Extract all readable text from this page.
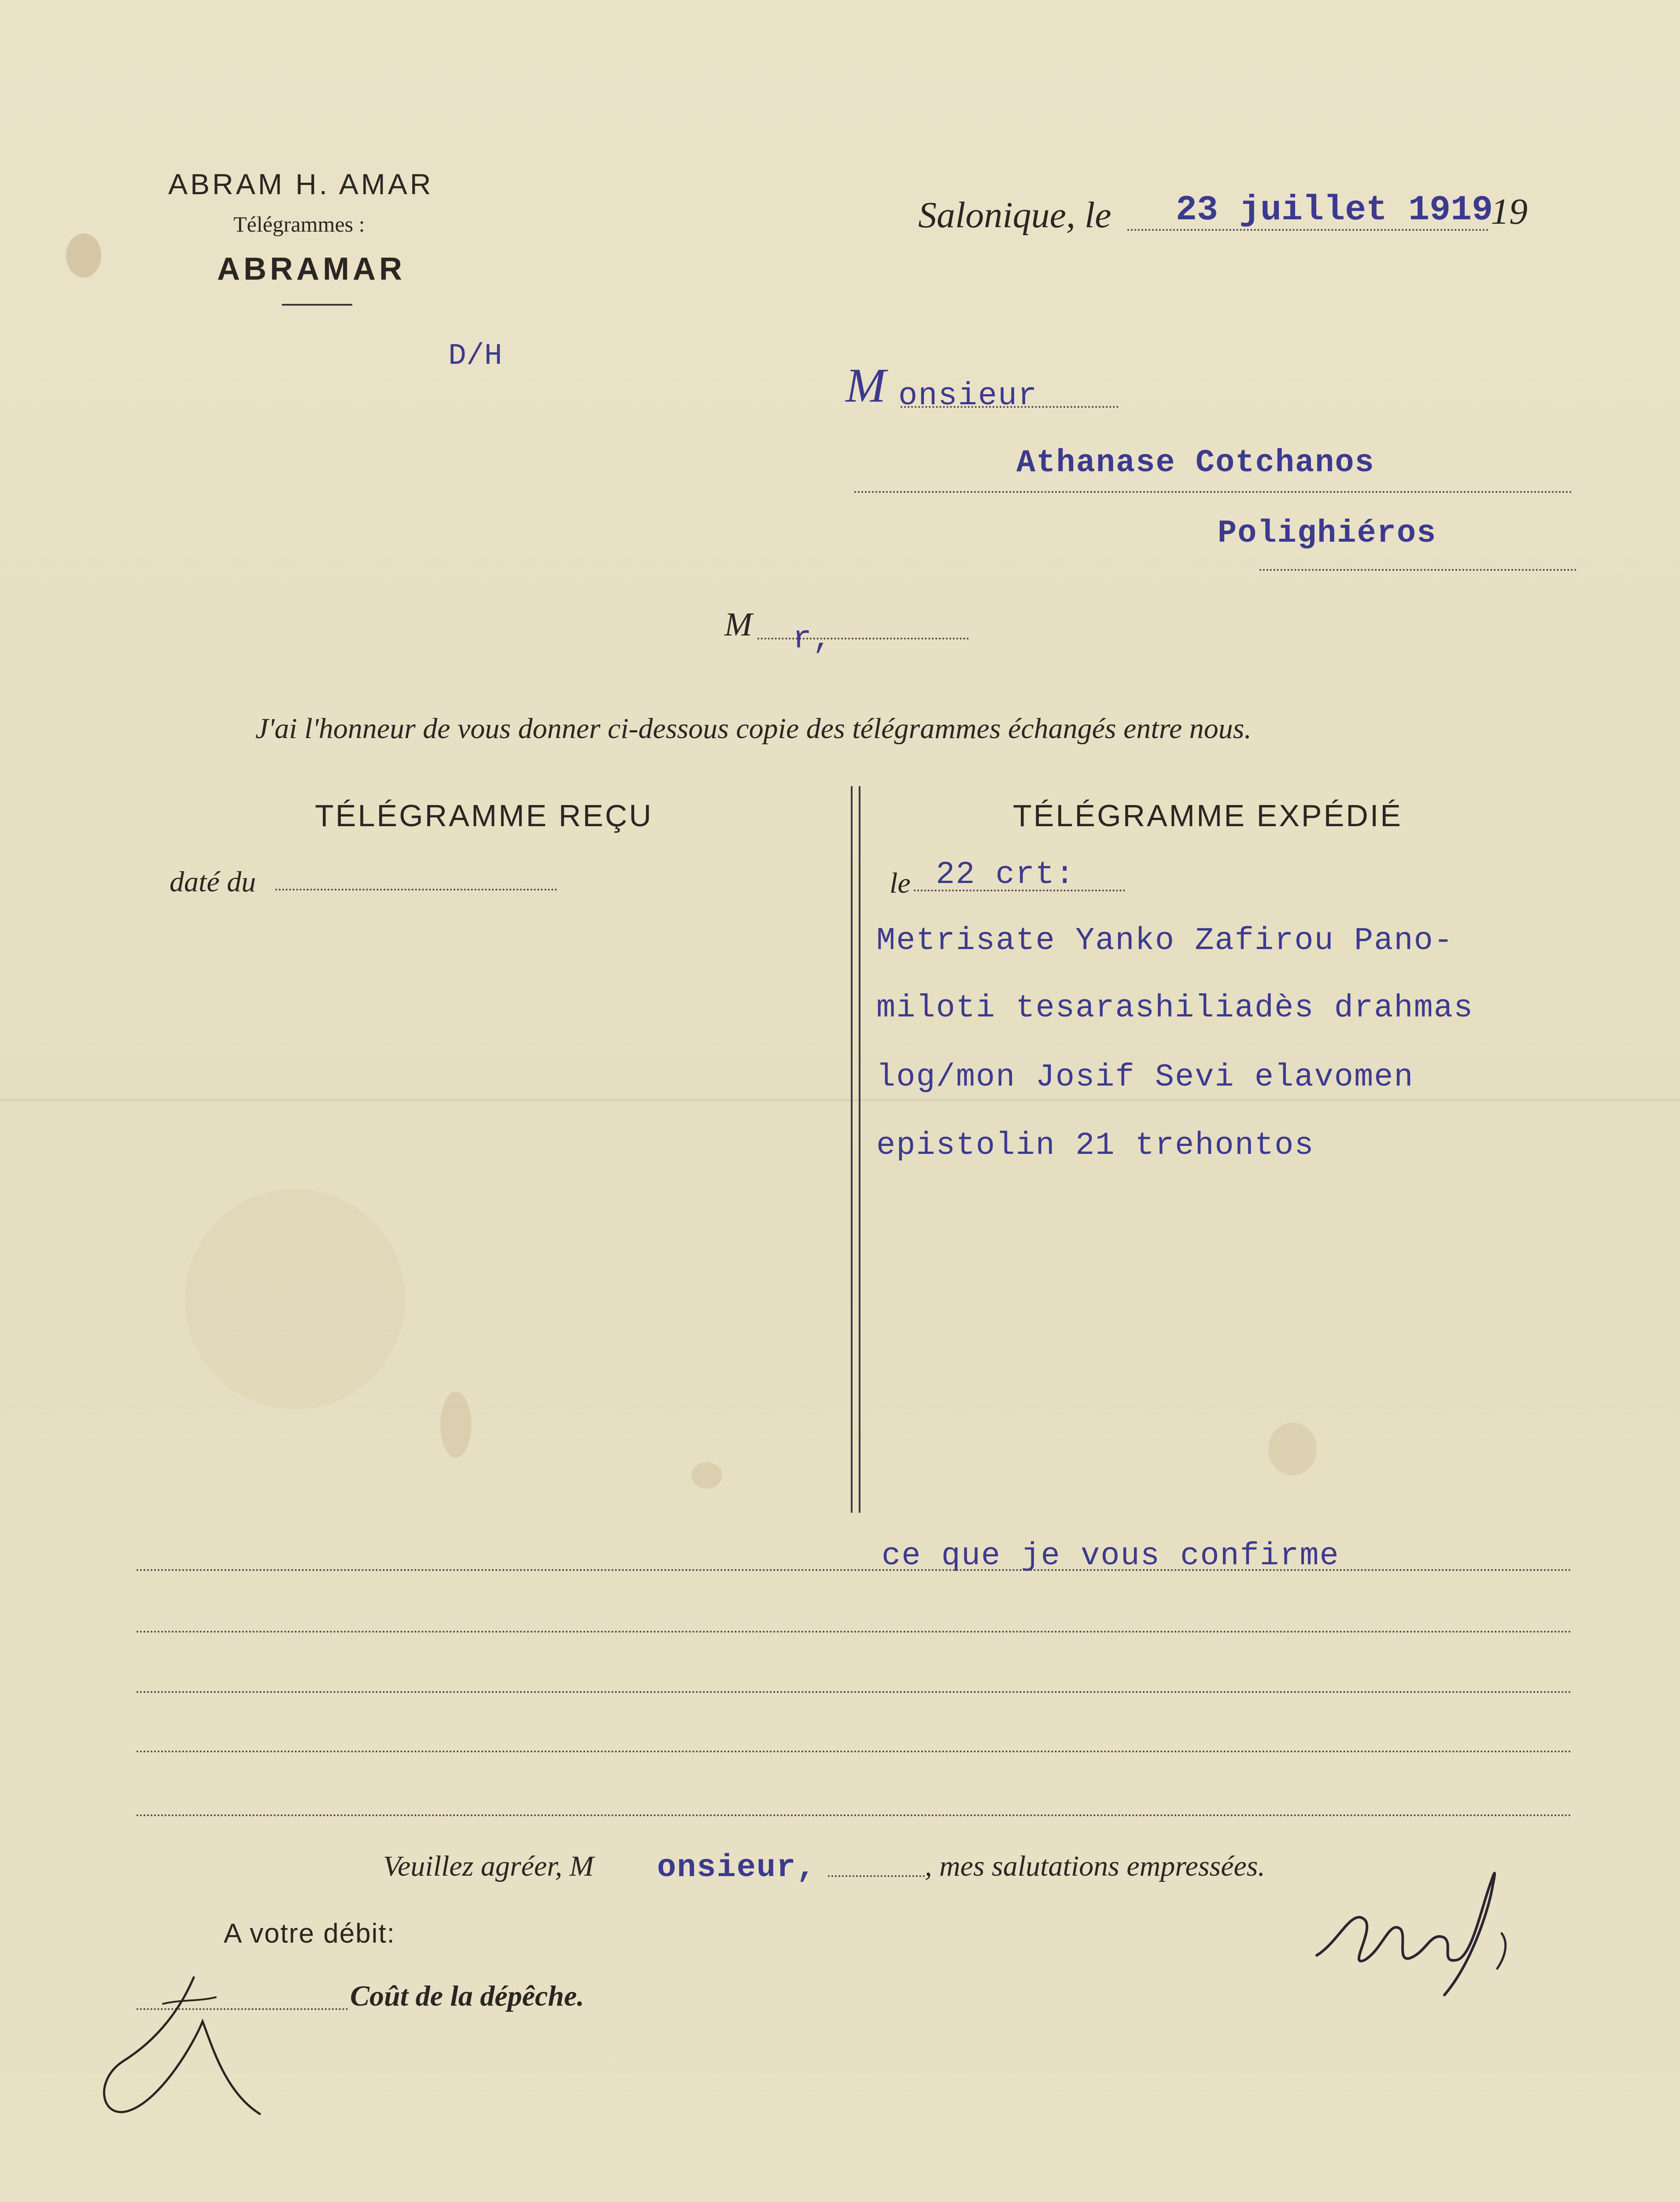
ABRAM H. AMAR
Télégrammes :
ABRAMAR
Salonique, le 23 juillet 1919
19
D/H
M onsieur
Athanase Cotchanos
Polighiéros
M r,
J'ai l'honneur de vous donner ci-dessous copie des télégrammes échangés entre nous.
TÉLÉGRAMME REÇU	TÉLÉGRAMME EXPÉDIÉ
daté du	le 22 crt:
Metrisate Yanko Zafirou Pano-
miloti tesarashiliadès drahmas
log/mon Josif Sevi elavomen
epistolin 21 trehontos
ce que je vous confirme
Veuillez agréer, M onsieur,	, mes salutations empressées.
A votre débit:
Coût de la dépêche.
